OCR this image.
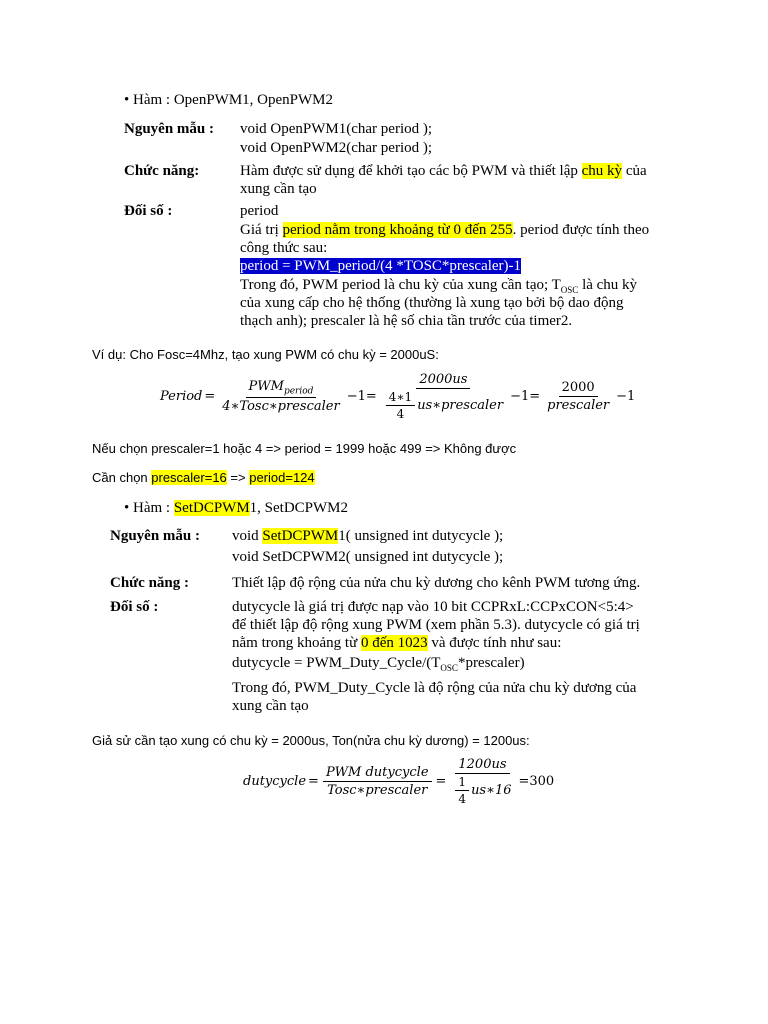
• Hàm : OpenPWM1, OpenPWM2
Nguyên mẫu : void OpenPWM1(char period );
void OpenPWM2(char period );
Chức năng:	Hàm được sử dụng để khởi tạo các bộ PWM và thiết lập chu kỳ của
xung cần tạo
Đối số :	period
Giá trị period nằm trong khoảng từ 0 đến 255. period được tính theo
công thức sau:
period = PWM_period/(4 *TOSC*prescaler)-1
Trong đó, PWM period là chu kỳ của xung cần tạo; $T_{OSC}$ là chu kỳ
của xung cấp cho hệ thống (thường là xung tạo bởi bộ dao động
thạch anh); prescaler là hệ số chia tần trước của timer2.
Ví dụ: Cho Fosc=4Mhz, tạo xung PWM có chu kỳ = 2000uS:
Period = $\frac{PWM_{period}}{\text{4∗Tosc∗prescaler}} -1= \frac{2000us}{\frac{4∗1}{4} us∗prescaler} -1= \frac{2000}{\text{prescaler}} -1$
Nếu chọn prescaler=1 hoặc 4 => period = 1999 hoặc 499 => Không được
Cần chọn prescaler=16 => period=124
• Hàm : SetDCPWM1, SetDCPWM2
Nguyên mẫu : void SetDCPWM1( unsigned int dutycycle );
void SetDCPWM2( unsigned int dutycycle );
Chức năng :	Thiết lập độ rộng của nửa chu kỳ dương cho kênh PWM tương ứng.
Đối số :	dutycycle là giá trị được nạp vào 10 bit CCPRxL:CCPxCON<5:4>
để thiết lập độ rộng xung PWM (xem phần 5.3). dutycycle có giá trị
nằm trong khoảng từ 0 đến 1023 và được tính như sau:
dutycycle = $PWM\_Duty\_Cycle/(T_{OSC}*prescaler)$
Trong đó, PWM_Duty_Cycle là độ rộng của nửa chu kỳ dương của
xung cần tạo
Giả sử cần tạo xung có chu kỳ = 2000us, Ton(nửa chu kỳ dương) = 1200us:
dutycycle = $\frac{\text{PWM dutycycle}}{\text{Tosc∗prescaler}} = \frac{1200us}{\frac{1}{4} us∗16} =300$
